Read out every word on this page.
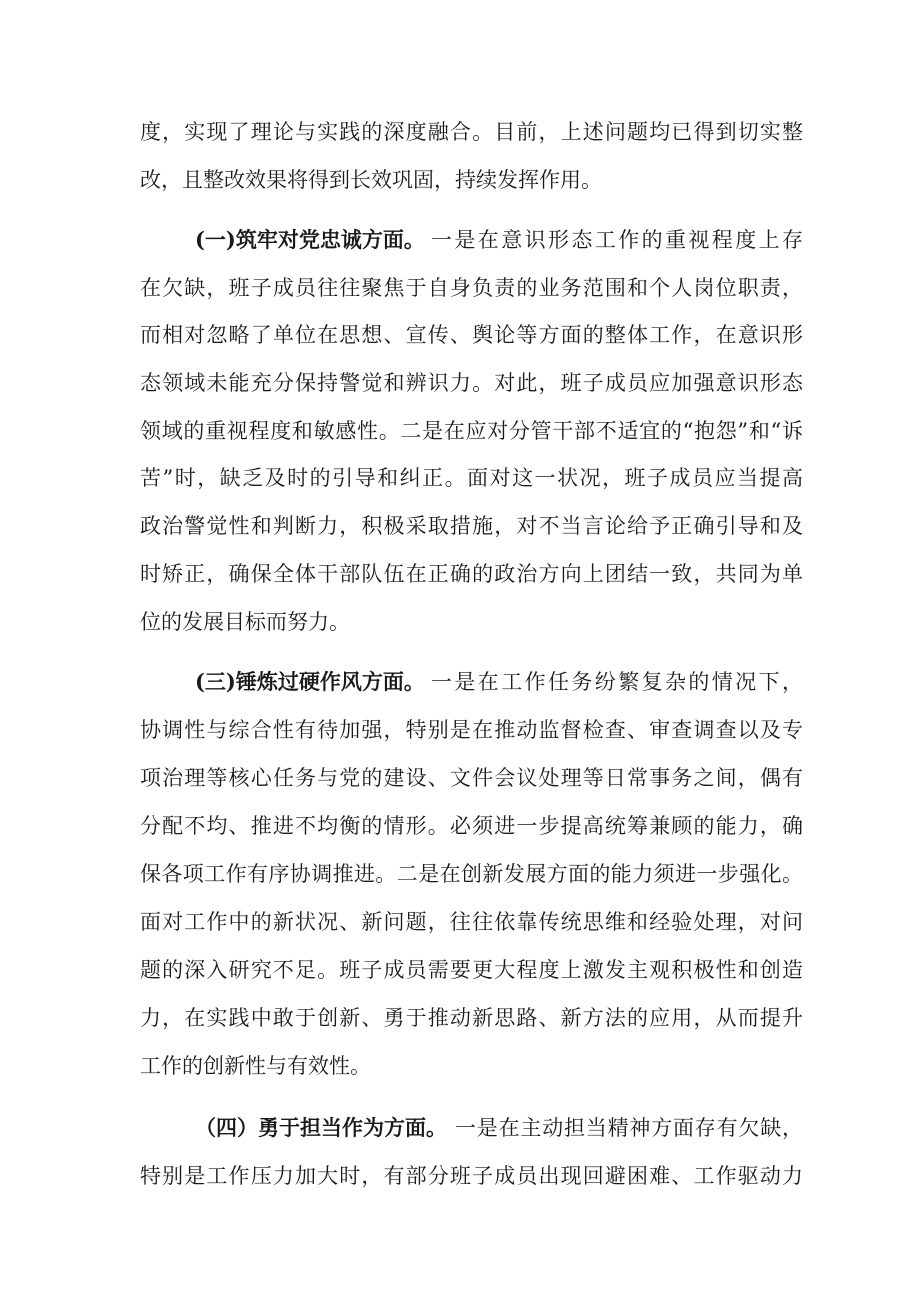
度，实现了理论与实践的深度融合。目前，上述问题均已得到切实整
改，且整改效果将得到长效巩固，持续发挥作用。
(一)筑牢对党忠诚方面。 一是在意识形态工作的重视程度上存
在欠缺，班子成员往往聚焦于自身负责的业务范围和个人岗位职责，
而相对忽略了单位在思想、宣传、舆论等方面的整体工作，在意识形
态领域未能充分保持警觉和辨识力。对此，班子成员应加强意识形态
领域的重视程度和敏感性。二是在应对分管干部不适宜的“抱怨”和“诉
苦”时，缺乏及时的引导和纠正。面对这一状况，班子成员应当提高
政治警觉性和判断力，积极采取措施，对不当言论给予正确引导和及
时矫正，确保全体干部队伍在正确的政治方向上团结一致，共同为单
位的发展目标而努力。
(三)锤炼过硬作风方面。 一是在工作任务纷繁复杂的情况下，
协调性与综合性有待加强，特别是在推动监督检查、审查调查以及专
项治理等核心任务与党的建设、文件会议处理等日常事务之间，偶有
分配不均、推进不均衡的情形。必须进一步提高统筹兼顾的能力，确
保各项工作有序协调推进。二是在创新发展方面的能力须进一步强化。
面对工作中的新状况、新问题，往往依靠传统思维和经验处理，对问
题的深入研究不足。班子成员需要更大程度上激发主观积极性和创造
力，在实践中敢于创新、勇于推动新思路、新方法的应用，从而提升
工作的创新性与有效性。
（四）勇于担当作为方面。 一是在主动担当精神方面存有欠缺，
特别是工作压力加大时，有部分班子成员出现回避困难、工作驱动力
